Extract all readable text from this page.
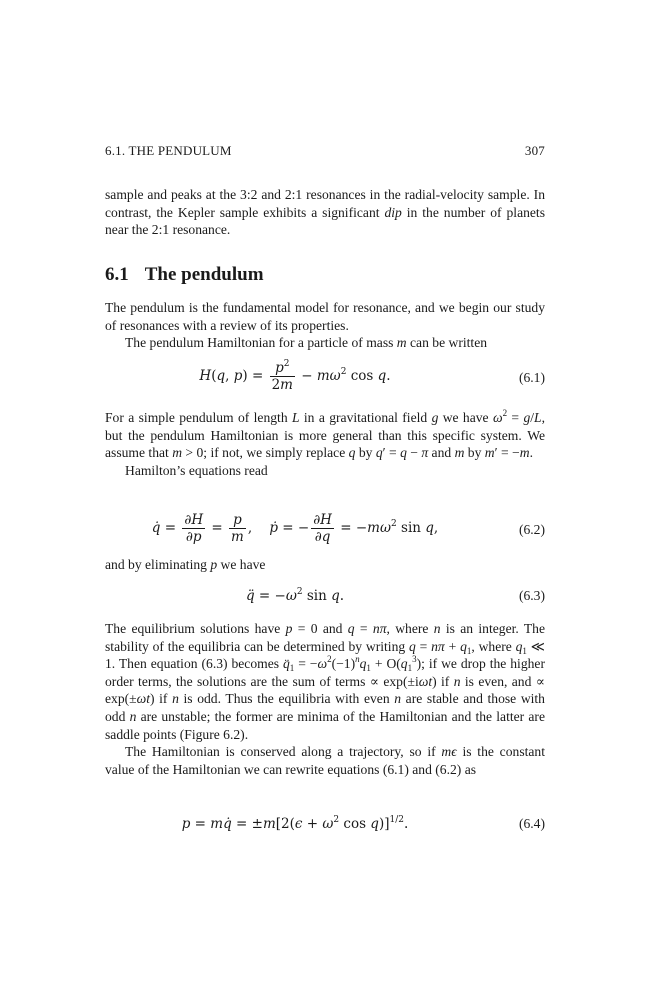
6.1. THE PENDULUM	307

sample and peaks at the 3:2 and 2:1 resonances in the radial-velocity sample. In contrast, the Kepler sample exhibits a significant dip in the number of planets near the 2:1 resonance.

6.1 The pendulum

The pendulum is the fundamental model for resonance, and we begin our study of resonances with a review of its properties.

The pendulum Hamiltonian for a particle of mass m can be written

H(q, $p) = \frac{p^2}{2m} - m\omega^2$ cos q.	(6.1)

For a simple pendulum of length L in a gravitational field g we have $\omega^2 = g/L$, but the pendulum Hamiltonian is more general than this specific system. We assume that m > 0; if not, we simply replace q by q′ = q − π and m by m′ = −m.

Hamilton’s equations read

q̇ = $\frac{\partial H}{\partial p} = \frac{p}{m}$ ,    ṗ = − $\frac{\partial H}{\partial q} = -m\omega^2$ sin q,	(6.2)

and by eliminating p we have

q̈ = $-\omega^2$ sin q.	(6.3)

The equilibrium solutions have p = 0 and q = nπ, where n is an integer. The stability of the equilibria can be determined by writing $q = n\pi + q_1$, where $q_1$ ≪ 1. Then equation (6.3) becomes $q̈_1 = -\omega^2(-1)^nq_1 + O(q_1^3)$; if we drop the higher order terms, the solutions are the sum of terms ∝ exp(±iωt) if n is even, and ∝ exp(±ωt) if n is odd. Thus the equilibria with even n are stable and those with odd n are unstable; the former are minima of the Hamiltonian and the latter are saddle points (Figure 6.2).

The Hamiltonian is conserved along a trajectory, so if mϵ is the constant value of the Hamiltonian we can rewrite equations (6.1) and (6.2) as

p = mq̇ = $\pm m[2(\epsilon + \omega^2$ cos q)]$^{1/2}$.	(6.4)
